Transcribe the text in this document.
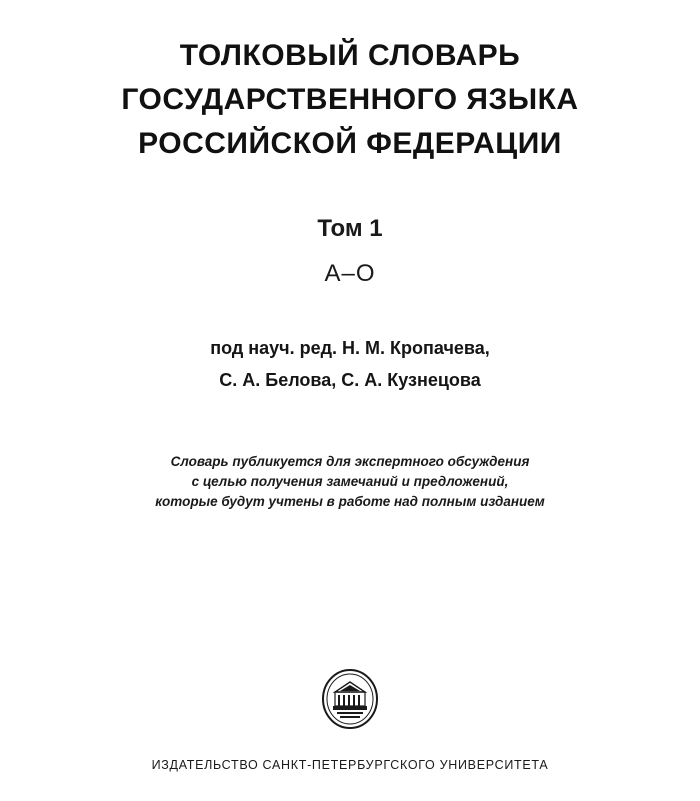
ТОЛКОВЫЙ СЛОВАРЬ
ГОСУДАРСТВЕННОГО ЯЗЫКА
РОССИЙСКОЙ ФЕДЕРАЦИИ
Том 1
А–О
под науч. ред. Н. М. Кропачева,
С. А. Белова, С. А. Кузнецова
Словарь публикуется для экспертного обсуждения
с целью получения замечаний и предложений,
которые будут учтены в работе над полным изданием
ИЗДАТЕЛЬСТВО САНКТ-ПЕТЕРБУРГСКОГО УНИВЕРСИТЕТА
